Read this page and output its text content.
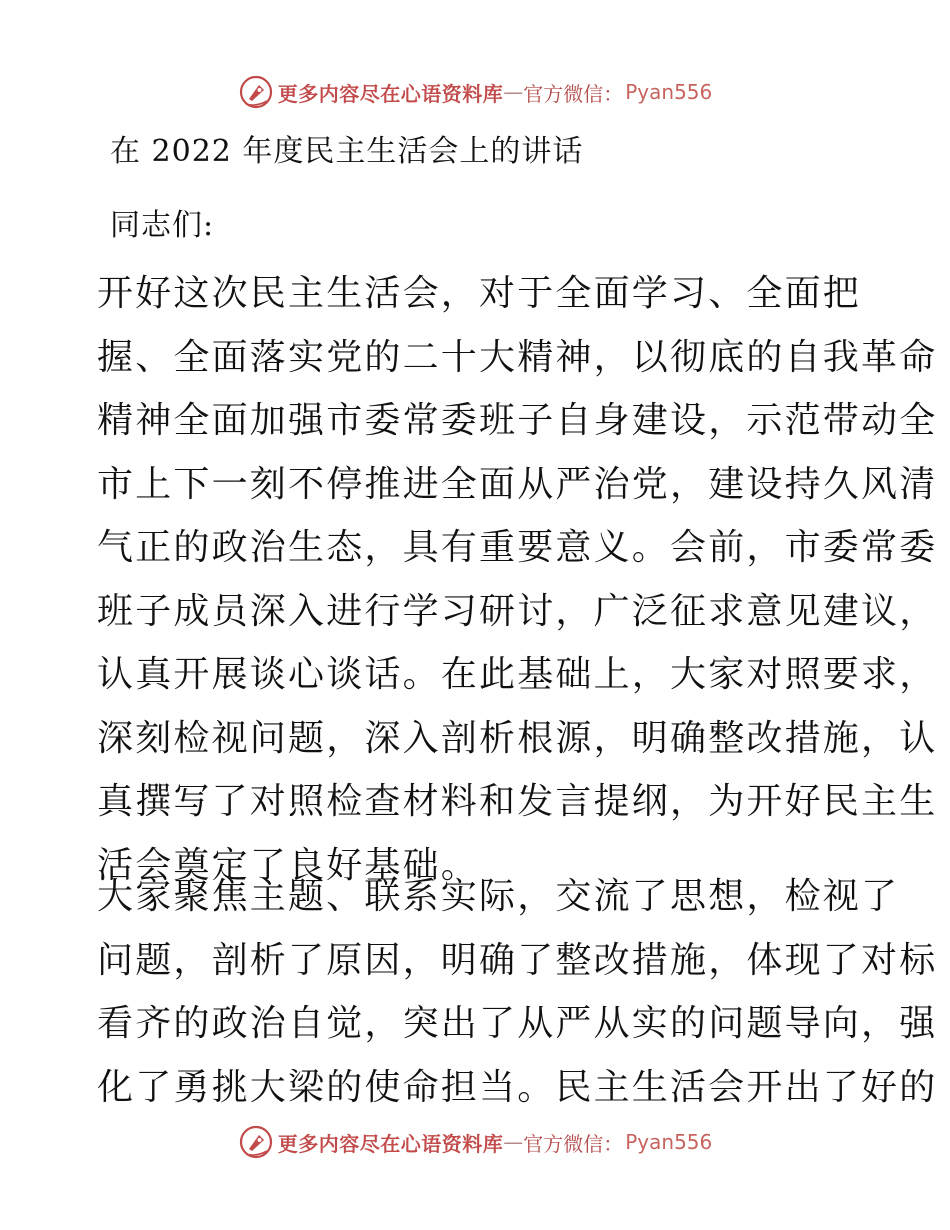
更多内容尽在心语资料库 — 官方微信： Pyan556
在 2022 年度民主生活会上的讲话
同志们:
开好这次民主生活会，对于全面学习、全面把
握、全面落实党的二十大精神，以彻底的自我革命
精神全面加强市委常委班子自身建设，示范带动全
市上下一刻不停推进全面从严治党，建设持久风清
气正的政治生态，具有重要意义。会前，市委常委
班子成员深入进行学习研讨，广泛征求意见建议，
认真开展谈心谈话。在此基础上，大家对照要求，
深刻检视问题，深入剖析根源，明确整改措施，认
真撰写了对照检查材料和发言提纲，为开好民主生
活会奠定了良好基础。
大家聚焦主题、联系实际，交流了思想，检视了
问题，剖析了原因，明确了整改措施，体现了对标
看齐的政治自觉，突出了从严从实的问题导向，强
化了勇挑大梁的使命担当。民主生活会开出了好的
更多内容尽在心语资料库 — 官方微信： Pyan556
